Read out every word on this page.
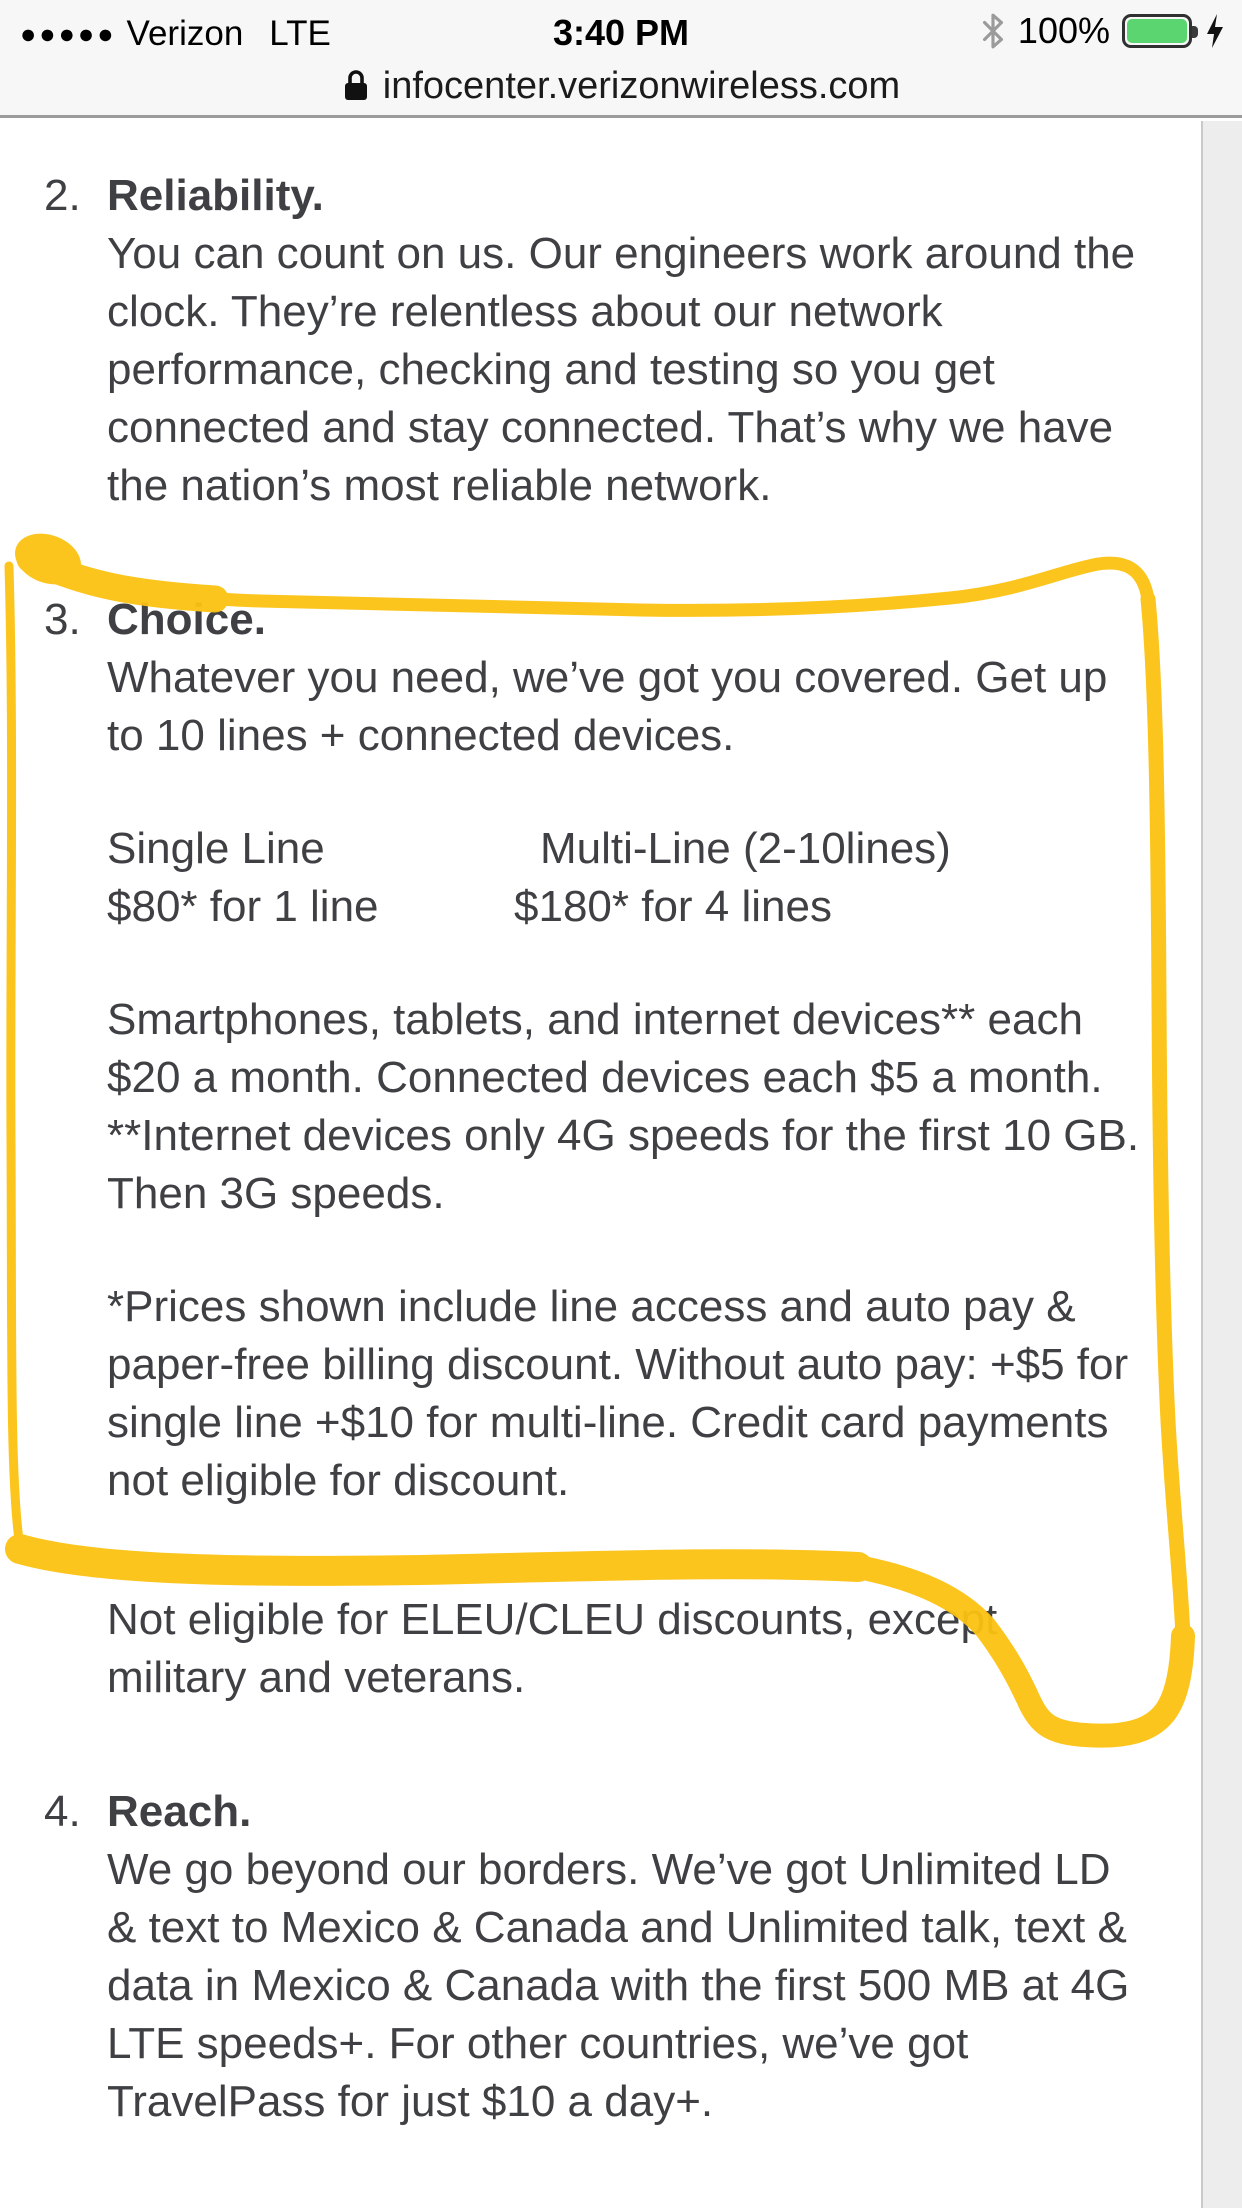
●●●●● Verizon LTE	3:40 PM	100%
infocenter.verizonwireless.com
2. Reliability.
You can count on us. Our engineers work around the
clock. They’re relentless about our network
performance, checking and testing so you get
connected and stay connected. That’s why we have
the nation’s most reliable network.
3. Choice.
Whatever you need, we’ve got you covered. Get up
to 10 lines + connected devices.
Single Line
$80* for 1 line
Multi-Line (2-10lines)
$180* for 4 lines
Smartphones, tablets, and internet devices** each
$20 a month. Connected devices each $5 a month.
**Internet devices only 4G speeds for the first 10 GB.
Then 3G speeds.
*Prices shown include line access and auto pay &
paper-free billing discount. Without auto pay: +$5 for
single line +$10 for multi-line. Credit card payments
not eligible for discount.
Not eligible for ELEU/CLEU discounts, except
military and veterans.
4. Reach.
We go beyond our borders. We’ve got Unlimited LD
& text to Mexico & Canada and Unlimited talk, text &
data in Mexico & Canada with the first 500 MB at 4G
LTE speeds+. For other countries, we’ve got
TravelPass for just $10 a day+.
